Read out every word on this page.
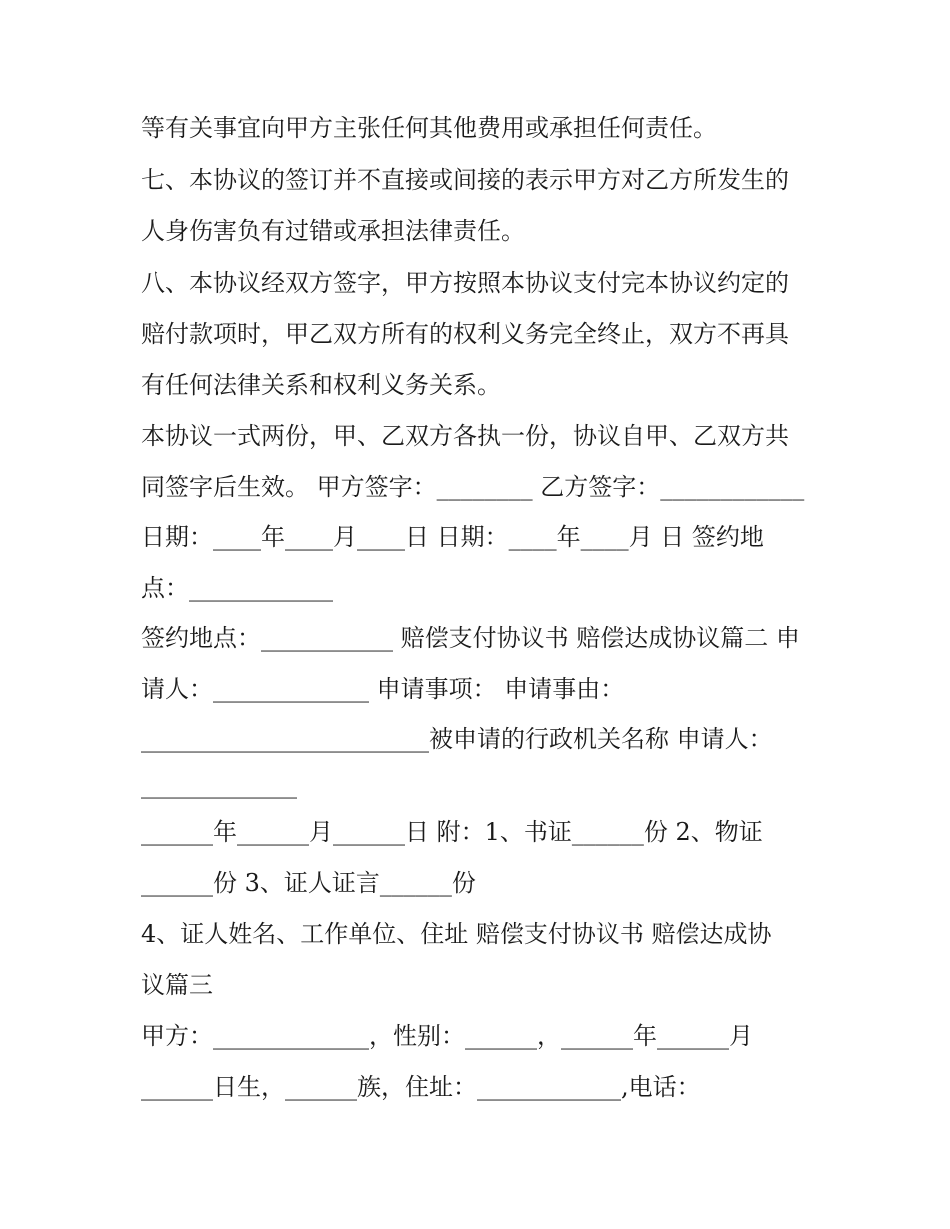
等有关事宜向甲方主张任何其他费用或承担任何责任。
七、本协议的签订并不直接或间接的表示甲方对乙方所发生的
人身伤害负有过错或承担法律责任。
八、本协议经双方签字，甲方按照本协议支付完本协议约定的
赔付款项时，甲乙双方所有的权利义务完全终止，双方不再具
有任何法律关系和权利义务关系。
本协议一式两份，甲、乙双方各执一份，协议自甲、乙双方共
同签字后生效。 甲方签字：________ 乙方签字：____________
日期：____年____月____日 日期：____年____月 日 签约地
点：____________
签约地点：___________ 赔偿支付协议书 赔偿达成协议篇二 申
请人：_____________ 申请事项： 申请事由：
________________________被申请的行政机关名称 申请人：
_____________
______年______月______日 附：1、书证______份 2、物证
______份 3、证人证言______份
4、证人姓名、工作单位、住址 赔偿支付协议书 赔偿达成协
议篇三
甲方：_____________，性别：______，______年______月
______日生，______族，住址：____________,电话：
